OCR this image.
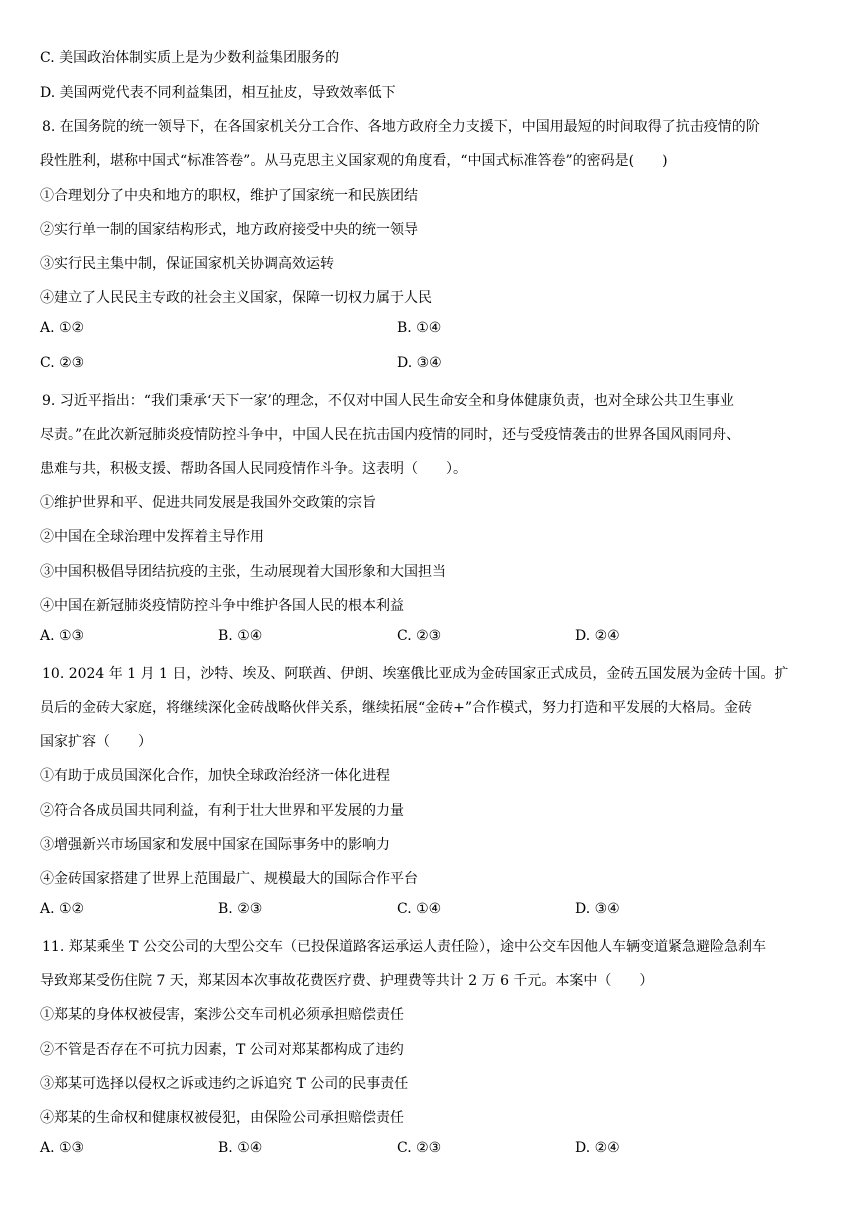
C. 美国政治体制实质上是为少数利益集团服务的
D. 美国两党代表不同利益集团，相互扯皮，导致效率低下
8. 在国务院的统一领导下，在各国家机关分工合作、各地方政府全力支援下，中国用最短的时间取得了抗击疫情的阶
段性胜利，堪称中国式“标准答卷”。从马克思主义国家观的角度看，“中国式标准答卷”的密码是(　　)
①合理划分了中央和地方的职权，维护了国家统一和民族团结
②实行单一制的国家结构形式，地方政府接受中央的统一领导
③实行民主集中制，保证国家机关协调高效运转
④建立了人民民主专政的社会主义国家，保障一切权力属于人民
A. ①②	B. ①④
C. ②③	D. ③④
9. 习近平指出：“我们秉承‘天下一家’的理念，不仅对中国人民生命安全和身体健康负责，也对全球公共卫生事业
尽责。”在此次新冠肺炎疫情防控斗争中，中国人民在抗击国内疫情的同时，还与受疫情袭击的世界各国风雨同舟、
患难与共，积极支援、帮助各国人民同疫情作斗争。这表明（　　）。
①维护世界和平、促进共同发展是我国外交政策的宗旨
②中国在全球治理中发挥着主导作用
③中国积极倡导团结抗疫的主张，生动展现着大国形象和大国担当
④中国在新冠肺炎疫情防控斗争中维护各国人民的根本利益
A. ①③	B. ①④	C. ②③	D. ②④
10. 2024 年 1 月 1 日，沙特、埃及、阿联酋、伊朗、埃塞俄比亚成为金砖国家正式成员，金砖五国发展为金砖十国。扩
员后的金砖大家庭，将继续深化金砖战略伙伴关系，继续拓展“金砖+”合作模式，努力打造和平发展的大格局。金砖
国家扩容（　　）
①有助于成员国深化合作，加快全球政治经济一体化进程
②符合各成员国共同利益，有利于壮大世界和平发展的力量
③增强新兴市场国家和发展中国家在国际事务中的影响力
④金砖国家搭建了世界上范围最广、规模最大的国际合作平台
A. ①②	B. ②③	C. ①④	D. ③④
11. 郑某乘坐 T 公交公司的大型公交车（已投保道路客运承运人责任险），途中公交车因他人车辆变道紧急避险急刹车
导致郑某受伤住院 7 天，郑某因本次事故花费医疗费、护理费等共计 2 万 6 千元。本案中（　　）
①郑某的身体权被侵害，案涉公交车司机必须承担赔偿责任
②不管是否存在不可抗力因素，T 公司对郑某都构成了违约
③郑某可选择以侵权之诉或违约之诉追究 T 公司的民事责任
④郑某的生命权和健康权被侵犯，由保险公司承担赔偿责任
A. ①③	B. ①④	C. ②③	D. ②④
